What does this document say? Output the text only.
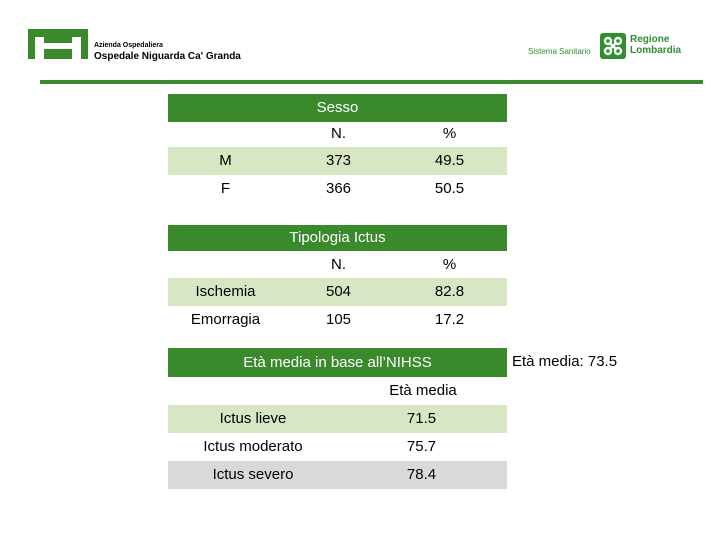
Azienda Ospedaliera
Ospedale Niguarda Ca' Granda	Sistema Sanitario
Regione
Lombardia
Sesso
N.	%
M	373	49.5
F	366	50.5
Tipologia Ictus
N.	%
Ischemia	504	82.8
Emorragia	105	17.2
Età media in base all’NIHSS	Età media: 73.5
Età media
Ictus lieve	71.5
Ictus moderato	75.7
Ictus severo	78.4
